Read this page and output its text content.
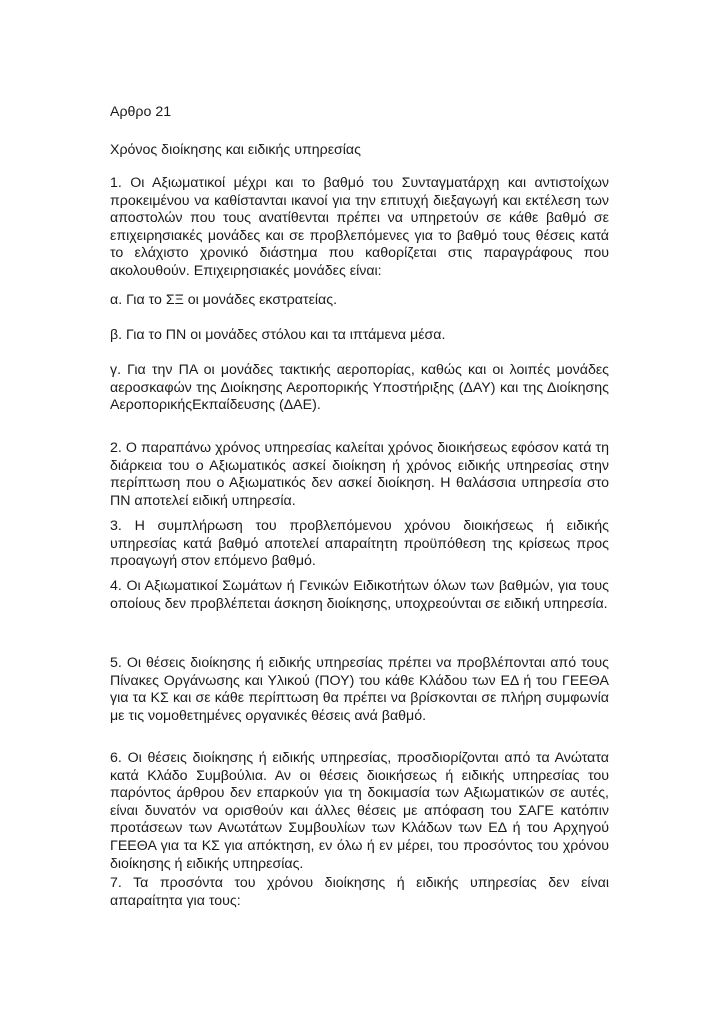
Αρθρο 21
Χρόνος διοίκησης και ειδικής υπηρεσίας
1. Οι Αξιωματικοί μέχρι και το βαθμό του Συνταγματάρχη και αντιστοίχων προκειμένου να καθίστανται ικανοί για την επιτυχή διεξαγωγή και εκτέλεση των αποστολών που τους ανατίθενται πρέπει να υπηρετούν σε κάθε βαθμό σε επιχειρησιακές μονάδες και σε προβλεπόμενες για το βαθμό τους θέσεις κατά το ελάχιστο χρονικό διάστημα που καθορίζεται στις παραγράφους που ακολουθούν. Επιχειρησιακές μονάδες είναι:
α. Για το ΣΞ οι μονάδες εκστρατείας.
β. Για το ΠΝ οι μονάδες στόλου και τα ιπτάμενα μέσα.
γ. Για την ΠΑ οι μονάδες τακτικής αεροπορίας, καθώς και οι λοιπές μονάδες αεροσκαφών της Διοίκησης Αεροπορικής Υποστήριξης (ΔΑΥ) και της Διοίκησης ΑεροπορικήςΕκπαίδευσης (ΔΑΕ).
2. Ο παραπάνω χρόνος υπηρεσίας καλείται χρόνος διοικήσεως εφόσον κατά τη διάρκεια του ο Αξιωματικός ασκεί διοίκηση ή χρόνος ειδικής υπηρεσίας στην περίπτωση που ο Αξιωματικός δεν ασκεί διοίκηση. Η θαλάσσια υπηρεσία στο ΠΝ αποτελεί ειδική υπηρεσία.
3. Η συμπλήρωση του προβλεπόμενου χρόνου διοικήσεως ή ειδικής υπηρεσίας κατά βαθμό αποτελεί απαραίτητη προϋπόθεση της κρίσεως προς προαγωγή στον επόμενο βαθμό.
4. Οι Αξιωματικοί Σωμάτων ή Γενικών Ειδικοτήτων όλων των βαθμών, για τους οποίους δεν προβλέπεται άσκηση διοίκησης, υποχρεούνται σε ειδική υπηρεσία.
5. Οι θέσεις διοίκησης ή ειδικής υπηρεσίας πρέπει να προβλέπονται από τους Πίνακες Οργάνωσης και Υλικού (ΠΟΥ) του κάθε Κλάδου των ΕΔ ή του ΓΕΕΘΑ για τα ΚΣ και σε κάθε περίπτωση θα πρέπει να βρίσκονται σε πλήρη συμφωνία με τις νομοθετημένες οργανικές θέσεις ανά βαθμό.
6. Οι θέσεις διοίκησης ή ειδικής υπηρεσίας, προσδιορίζονται από τα Ανώτατα κατά Κλάδο Συμβούλια. Αν οι θέσεις διοικήσεως ή ειδικής υπηρεσίας του παρόντος άρθρου δεν επαρκούν για τη δοκιμασία των Αξιωματικών σε αυτές, είναι δυνατόν να ορισθούν και άλλες θέσεις με απόφαση του ΣΑΓΕ κατόπιν προτάσεων των Ανωτάτων Συμβουλίων των Κλάδων των ΕΔ ή του Αρχηγού ΓΕΕΘΑ για τα ΚΣ για απόκτηση, εν όλω ή εν μέρει, του προσόντος του χρόνου διοίκησης ή ειδικής υπηρεσίας.
7. Τα προσόντα του χρόνου διοίκησης ή ειδικής υπηρεσίας δεν είναι απαραίτητα για τους:
